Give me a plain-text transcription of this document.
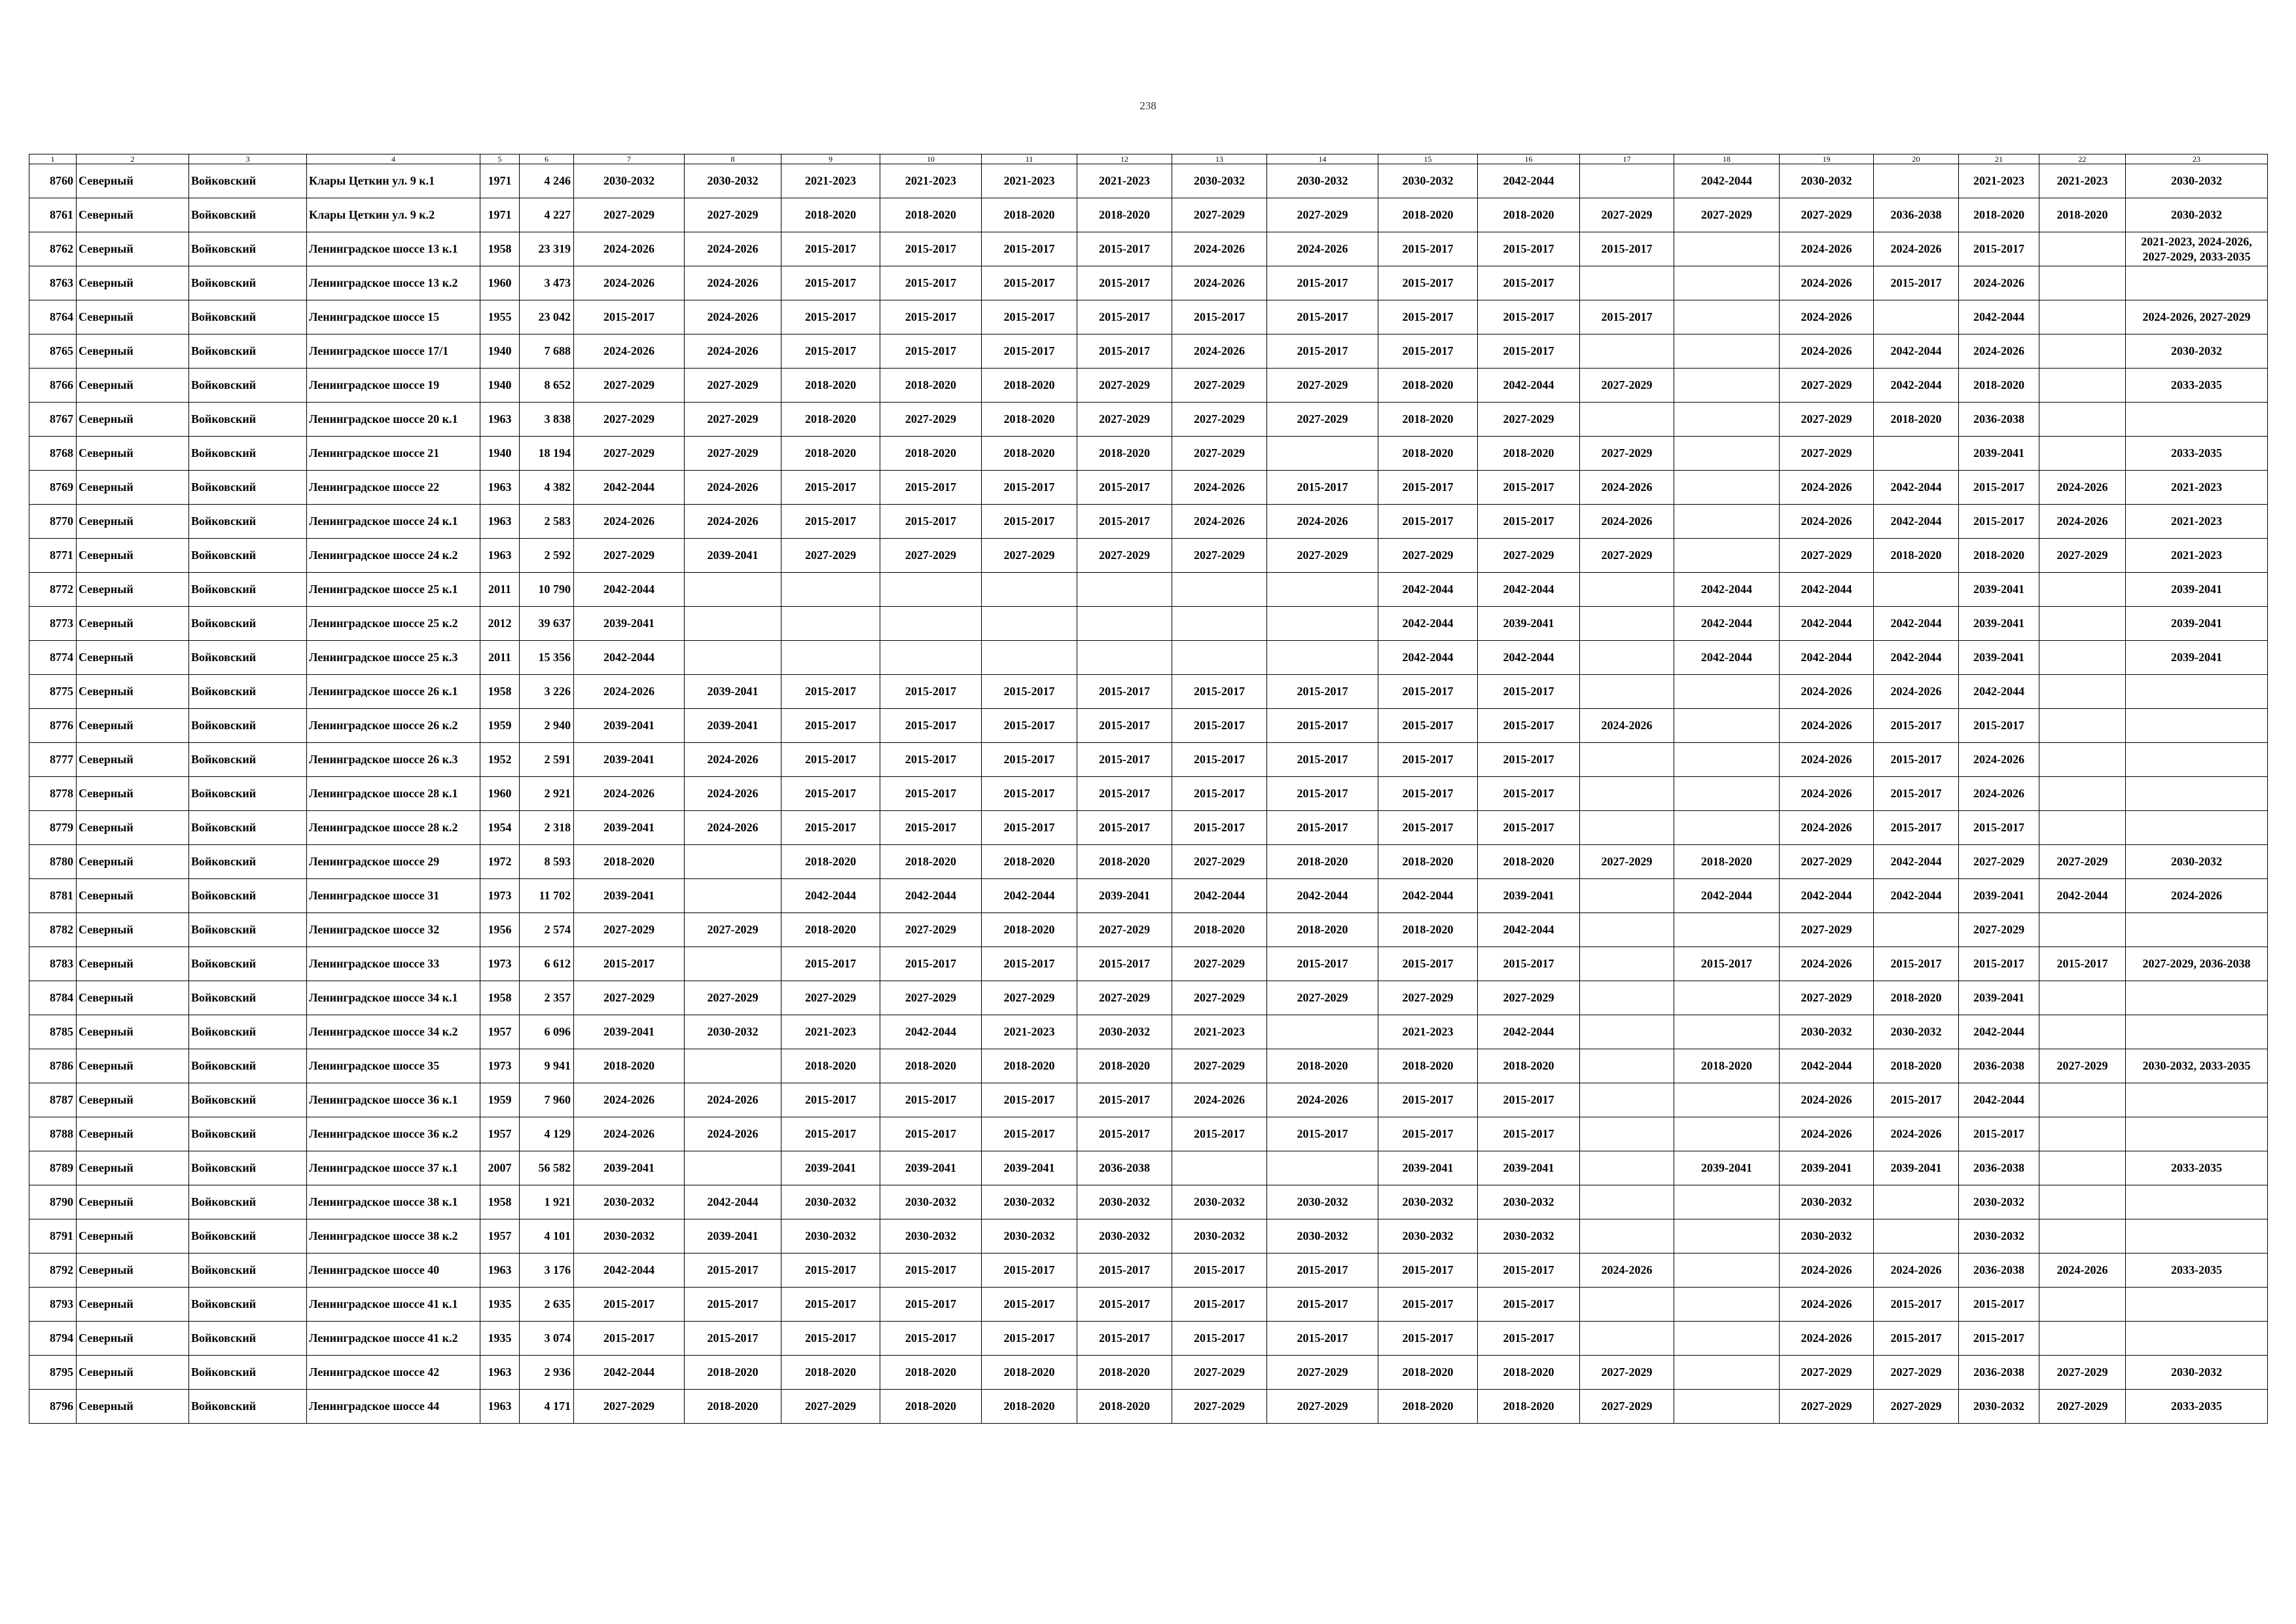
238
1	2	3	4	5	6	7	8	9	10	11	12	13	14	15	16	17	18	19	20	21	22	23
8760	Северный	Войковский	Клары Цеткин ул. 9 к.1	1971	4 246	2030-2032	2030-2032	2021-2023	2021-2023	2021-2023	2021-2023	2030-2032	2030-2032	2030-2032	2042-2044		2042-2044	2030-2032		2021-2023	2021-2023	2030-2032
8761	Северный	Войковский	Клары Цеткин ул. 9 к.2	1971	4 227	2027-2029	2027-2029	2018-2020	2018-2020	2018-2020	2018-2020	2027-2029	2027-2029	2018-2020	2018-2020	2027-2029	2027-2029	2027-2029	2036-2038	2018-2020	2018-2020	2030-2032
8762	Северный	Войковский	Ленинградское шоссе 13 к.1	1958	23 319	2024-2026	2024-2026	2015-2017	2015-2017	2015-2017	2015-2017	2024-2026	2024-2026	2015-2017	2015-2017	2015-2017		2024-2026	2024-2026	2015-2017		2021-2023, 2024-2026, 2027-2029, 2033-2035
8763	Северный	Войковский	Ленинградское шоссе 13 к.2	1960	3 473	2024-2026	2024-2026	2015-2017	2015-2017	2015-2017	2015-2017	2024-2026	2015-2017	2015-2017	2015-2017			2024-2026	2015-2017	2024-2026		
8764	Северный	Войковский	Ленинградское шоссе 15	1955	23 042	2015-2017	2024-2026	2015-2017	2015-2017	2015-2017	2015-2017	2015-2017	2015-2017	2015-2017	2015-2017	2015-2017		2024-2026		2042-2044		2024-2026, 2027-2029
8765	Северный	Войковский	Ленинградское шоссе 17/1	1940	7 688	2024-2026	2024-2026	2015-2017	2015-2017	2015-2017	2015-2017	2024-2026	2015-2017	2015-2017	2015-2017			2024-2026	2042-2044	2024-2026		2030-2032
8766	Северный	Войковский	Ленинградское шоссе 19	1940	8 652	2027-2029	2027-2029	2018-2020	2018-2020	2018-2020	2027-2029	2027-2029	2027-2029	2018-2020	2042-2044	2027-2029		2027-2029	2042-2044	2018-2020		2033-2035
8767	Северный	Войковский	Ленинградское шоссе 20 к.1	1963	3 838	2027-2029	2027-2029	2018-2020	2027-2029	2018-2020	2027-2029	2027-2029	2027-2029	2018-2020	2027-2029			2027-2029	2018-2020	2036-2038		
8768	Северный	Войковский	Ленинградское шоссе 21	1940	18 194	2027-2029	2027-2029	2018-2020	2018-2020	2018-2020	2018-2020	2027-2029		2018-2020	2018-2020	2027-2029		2027-2029		2039-2041		2033-2035
8769	Северный	Войковский	Ленинградское шоссе 22	1963	4 382	2042-2044	2024-2026	2015-2017	2015-2017	2015-2017	2015-2017	2024-2026	2015-2017	2015-2017	2015-2017	2024-2026		2024-2026	2042-2044	2015-2017	2024-2026	2021-2023
8770	Северный	Войковский	Ленинградское шоссе 24 к.1	1963	2 583	2024-2026	2024-2026	2015-2017	2015-2017	2015-2017	2015-2017	2024-2026	2024-2026	2015-2017	2015-2017	2024-2026		2024-2026	2042-2044	2015-2017	2024-2026	2021-2023
8771	Северный	Войковский	Ленинградское шоссе 24 к.2	1963	2 592	2027-2029	2039-2041	2027-2029	2027-2029	2027-2029	2027-2029	2027-2029	2027-2029	2027-2029	2027-2029	2027-2029		2027-2029	2018-2020	2018-2020	2027-2029	2021-2023
8772	Северный	Войковский	Ленинградское шоссе 25 к.1	2011	10 790	2042-2044								2042-2044	2042-2044		2042-2044	2042-2044		2039-2041		2039-2041
8773	Северный	Войковский	Ленинградское шоссе 25 к.2	2012	39 637	2039-2041								2042-2044	2039-2041		2042-2044	2042-2044	2042-2044	2039-2041		2039-2041
8774	Северный	Войковский	Ленинградское шоссе 25 к.3	2011	15 356	2042-2044								2042-2044	2042-2044		2042-2044	2042-2044	2042-2044	2039-2041		2039-2041
8775	Северный	Войковский	Ленинградское шоссе 26 к.1	1958	3 226	2024-2026	2039-2041	2015-2017	2015-2017	2015-2017	2015-2017	2015-2017	2015-2017	2015-2017	2015-2017			2024-2026	2024-2026	2042-2044		
8776	Северный	Войковский	Ленинградское шоссе 26 к.2	1959	2 940	2039-2041	2039-2041	2015-2017	2015-2017	2015-2017	2015-2017	2015-2017	2015-2017	2015-2017	2015-2017	2024-2026		2024-2026	2015-2017	2015-2017		
8777	Северный	Войковский	Ленинградское шоссе 26 к.3	1952	2 591	2039-2041	2024-2026	2015-2017	2015-2017	2015-2017	2015-2017	2015-2017	2015-2017	2015-2017	2015-2017			2024-2026	2015-2017	2024-2026		
8778	Северный	Войковский	Ленинградское шоссе 28 к.1	1960	2 921	2024-2026	2024-2026	2015-2017	2015-2017	2015-2017	2015-2017	2015-2017	2015-2017	2015-2017	2015-2017			2024-2026	2015-2017	2024-2026		
8779	Северный	Войковский	Ленинградское шоссе 28 к.2	1954	2 318	2039-2041	2024-2026	2015-2017	2015-2017	2015-2017	2015-2017	2015-2017	2015-2017	2015-2017	2015-2017			2024-2026	2015-2017	2015-2017		
8780	Северный	Войковский	Ленинградское шоссе 29	1972	8 593	2018-2020		2018-2020	2018-2020	2018-2020	2018-2020	2027-2029	2018-2020	2018-2020	2018-2020	2027-2029	2018-2020	2027-2029	2042-2044	2027-2029	2027-2029	2030-2032
8781	Северный	Войковский	Ленинградское шоссе 31	1973	11 702	2039-2041		2042-2044	2042-2044	2042-2044	2039-2041	2042-2044	2042-2044	2042-2044	2039-2041		2042-2044	2042-2044	2042-2044	2039-2041	2042-2044	2024-2026
8782	Северный	Войковский	Ленинградское шоссе 32	1956	2 574	2027-2029	2027-2029	2018-2020	2027-2029	2018-2020	2027-2029	2018-2020	2018-2020	2018-2020	2042-2044			2027-2029		2027-2029		
8783	Северный	Войковский	Ленинградское шоссе 33	1973	6 612	2015-2017		2015-2017	2015-2017	2015-2017	2015-2017	2027-2029	2015-2017	2015-2017	2015-2017		2015-2017	2024-2026	2015-2017	2015-2017	2015-2017	2027-2029, 2036-2038
8784	Северный	Войковский	Ленинградское шоссе 34 к.1	1958	2 357	2027-2029	2027-2029	2027-2029	2027-2029	2027-2029	2027-2029	2027-2029	2027-2029	2027-2029	2027-2029			2027-2029	2018-2020	2039-2041		
8785	Северный	Войковский	Ленинградское шоссе 34 к.2	1957	6 096	2039-2041	2030-2032	2021-2023	2042-2044	2021-2023	2030-2032	2021-2023		2021-2023	2042-2044			2030-2032	2030-2032	2042-2044		
8786	Северный	Войковский	Ленинградское шоссе 35	1973	9 941	2018-2020		2018-2020	2018-2020	2018-2020	2018-2020	2027-2029	2018-2020	2018-2020	2018-2020		2018-2020	2042-2044	2018-2020	2036-2038	2027-2029	2030-2032, 2033-2035
8787	Северный	Войковский	Ленинградское шоссе 36 к.1	1959	7 960	2024-2026	2024-2026	2015-2017	2015-2017	2015-2017	2015-2017	2024-2026	2024-2026	2015-2017	2015-2017			2024-2026	2015-2017	2042-2044		
8788	Северный	Войковский	Ленинградское шоссе 36 к.2	1957	4 129	2024-2026	2024-2026	2015-2017	2015-2017	2015-2017	2015-2017	2015-2017	2015-2017	2015-2017	2015-2017			2024-2026	2024-2026	2015-2017		
8789	Северный	Войковский	Ленинградское шоссе 37 к.1	2007	56 582	2039-2041		2039-2041	2039-2041	2039-2041	2036-2038			2039-2041	2039-2041		2039-2041	2039-2041	2039-2041	2036-2038		2033-2035
8790	Северный	Войковский	Ленинградское шоссе 38 к.1	1958	1 921	2030-2032	2042-2044	2030-2032	2030-2032	2030-2032	2030-2032	2030-2032	2030-2032	2030-2032	2030-2032			2030-2032		2030-2032		
8791	Северный	Войковский	Ленинградское шоссе 38 к.2	1957	4 101	2030-2032	2039-2041	2030-2032	2030-2032	2030-2032	2030-2032	2030-2032	2030-2032	2030-2032	2030-2032			2030-2032		2030-2032		
8792	Северный	Войковский	Ленинградское шоссе 40	1963	3 176	2042-2044	2015-2017	2015-2017	2015-2017	2015-2017	2015-2017	2015-2017	2015-2017	2015-2017	2015-2017	2024-2026		2024-2026	2024-2026	2036-2038	2024-2026	2033-2035
8793	Северный	Войковский	Ленинградское шоссе 41 к.1	1935	2 635	2015-2017	2015-2017	2015-2017	2015-2017	2015-2017	2015-2017	2015-2017	2015-2017	2015-2017	2015-2017			2024-2026	2015-2017	2015-2017		
8794	Северный	Войковский	Ленинградское шоссе 41 к.2	1935	3 074	2015-2017	2015-2017	2015-2017	2015-2017	2015-2017	2015-2017	2015-2017	2015-2017	2015-2017	2015-2017			2024-2026	2015-2017	2015-2017		
8795	Северный	Войковский	Ленинградское шоссе 42	1963	2 936	2042-2044	2018-2020	2018-2020	2018-2020	2018-2020	2018-2020	2027-2029	2027-2029	2018-2020	2018-2020	2027-2029		2027-2029	2027-2029	2036-2038	2027-2029	2030-2032
8796	Северный	Войковский	Ленинградское шоссе 44	1963	4 171	2027-2029	2018-2020	2027-2029	2018-2020	2018-2020	2018-2020	2027-2029	2027-2029	2018-2020	2018-2020	2027-2029		2027-2029	2027-2029	2030-2032	2027-2029	2033-2035
